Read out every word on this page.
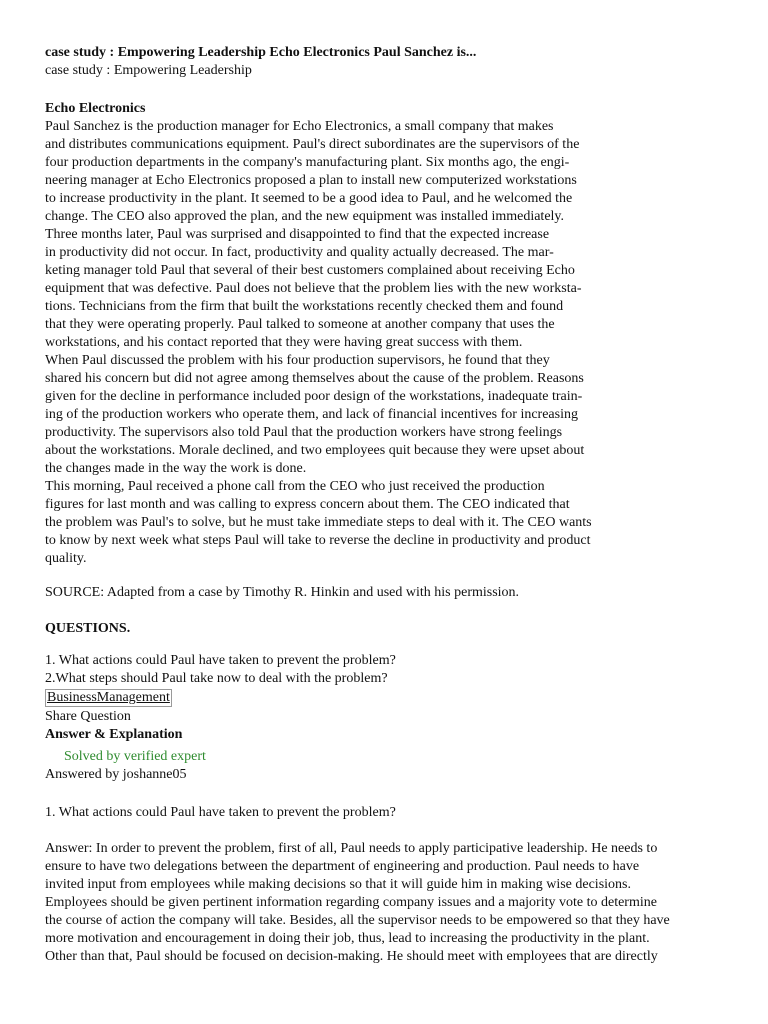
case study : Empowering Leadership Echo Electronics Paul Sanchez is...
case study : Empowering Leadership
Echo Electronics
Paul Sanchez is the production manager for Echo Electronics, a small company that makes
and distributes communications equipment. Paul's direct subordinates are the supervisors of the
four production departments in the company's manufacturing plant. Six months ago, the engi-
neering manager at Echo Electronics proposed a plan to install new computerized workstations
to increase productivity in the plant. It seemed to be a good idea to Paul, and he welcomed the
change. The CEO also approved the plan, and the new equipment was installed immediately.
Three months later, Paul was surprised and disappointed to find that the expected increase
in productivity did not occur. In fact, productivity and quality actually decreased. The mar-
keting manager told Paul that several of their best customers complained about receiving Echo
equipment that was defective. Paul does not believe that the problem lies with the new worksta-
tions. Technicians from the firm that built the workstations recently checked them and found
that they were operating properly. Paul talked to someone at another company that uses the
workstations, and his contact reported that they were having great success with them.
When Paul discussed the problem with his four production supervisors, he found that they
shared his concern but did not agree among themselves about the cause of the problem. Reasons
given for the decline in performance included poor design of the workstations, inadequate train-
ing of the production workers who operate them, and lack of financial incentives for increasing
productivity. The supervisors also told Paul that the production workers have strong feelings
about the workstations. Morale declined, and two employees quit because they were upset about
the changes made in the way the work is done.
This morning, Paul received a phone call from the CEO who just received the production
figures for last month and was calling to express concern about them. The CEO indicated that
the problem was Paul's to solve, but he must take immediate steps to deal with it. The CEO wants
to know by next week what steps Paul will take to reverse the decline in productivity and product
quality.
SOURCE: Adapted from a case by Timothy R. Hinkin and used with his permission.
QUESTIONS.
1. What actions could Paul have taken to prevent the problem?
2.What steps should Paul take now to deal with the problem?
BusinessManagement
Share Question
Answer & Explanation
Solved by verified expert
Answered by joshanne05
1. What actions could Paul have taken to prevent the problem?
Answer: In order to prevent the problem, first of all, Paul needs to apply participative leadership. He needs to
ensure to have two delegations between the department of engineering and production. Paul needs to have
invited input from employees while making decisions so that it will guide him in making wise decisions.
Employees should be given pertinent information regarding company issues and a majority vote to determine
the course of action the company will take. Besides, all the supervisor needs to be empowered so that they have
more motivation and encouragement in doing their job, thus, lead to increasing the productivity in the plant.
Other than that, Paul should be focused on decision-making. He should meet with employees that are directly
